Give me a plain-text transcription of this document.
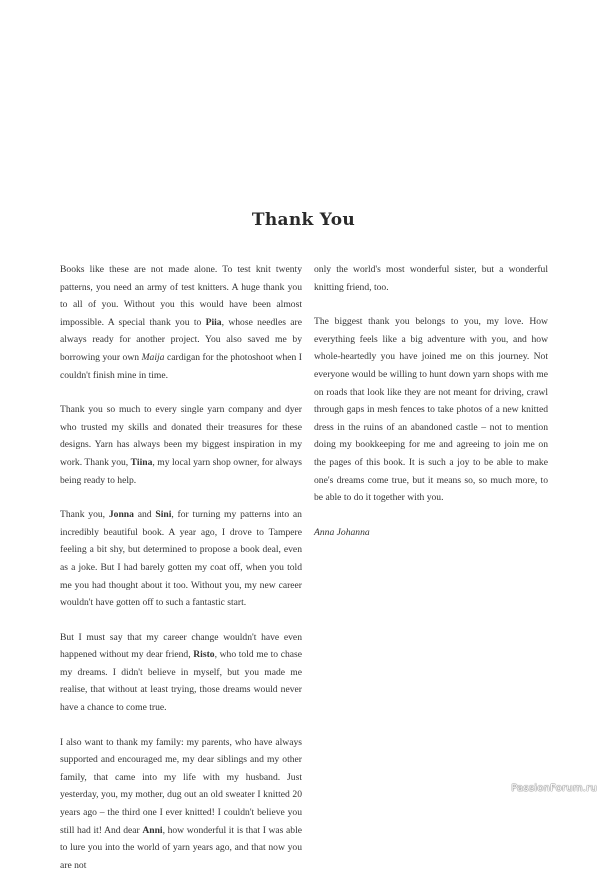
Thank You

Books like these are not made alone. To test knit twenty patterns, you need an army of test knitters. A huge thank you to all of you. Without you this would have been almost impossible. A special thank you to Piia, whose needles are always ready for another project. You also saved me by borrowing your own Maija cardigan for the photoshoot when I couldn't finish mine in time.

Thank you so much to every single yarn company and dyer who trusted my skills and donated their treasures for these designs. Yarn has always been my biggest inspiration in my work. Thank you, Tiina, my local yarn shop owner, for always being ready to help.

Thank you, Jonna and Sini, for turning my patterns into an incredibly beautiful book. A year ago, I drove to Tampere feeling a bit shy, but determined to propose a book deal, even as a joke. But I had barely gotten my coat off, when you told me you had thought about it too. Without you, my new career wouldn't have gotten off to such a fantastic start.

But I must say that my career change wouldn't have even happened without my dear friend, Risto, who told me to chase my dreams. I didn't believe in myself, but you made me realise, that without at least trying, those dreams would never have a chance to come true.

I also want to thank my family: my parents, who have always supported and encouraged me, my dear siblings and my other family, that came into my life with my husband. Just yesterday, you, my mother, dug out an old sweater I knitted 20 years ago – the third one I ever knitted! I couldn't believe you still had it! And dear Anni, how wonderful it is that I was able to lure you into the world of yarn years ago, and that now you are not

only the world's most wonderful sister, but a wonderful knitting friend, too.

The biggest thank you belongs to you, my love. How everything feels like a big adventure with you, and how whole-heartedly you have joined me on this journey. Not everyone would be willing to hunt down yarn shops with me on roads that look like they are not meant for driving, crawl through gaps in mesh fences to take photos of a new knitted dress in the ruins of an abandoned castle – not to mention doing my bookkeeping for me and agreeing to join me on the pages of this book. It is such a joy to be able to make one's dreams come true, but it means so, so much more, to be able to do it together with you.

Anna Johanna

PassionForum.ru
